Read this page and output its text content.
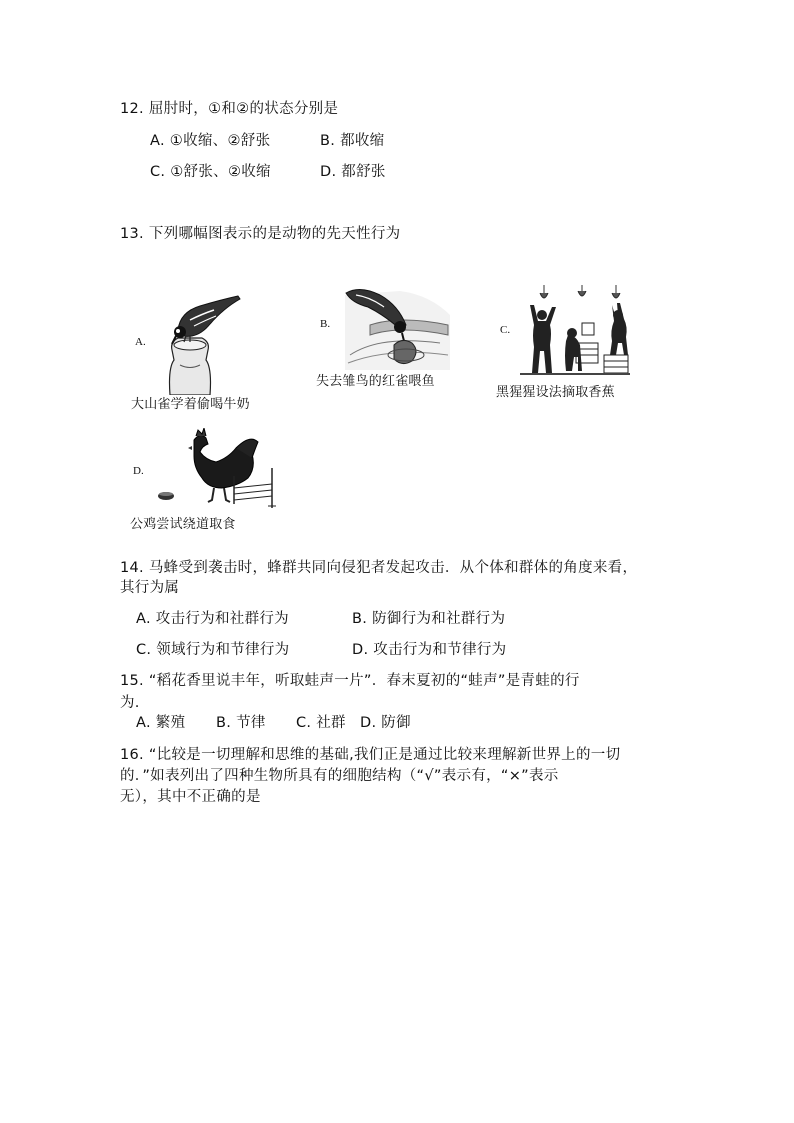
12. 屈肘时，①和②的状态分别是
A. ①收缩、②舒张	B. 都收缩
C. ①舒张、②收缩	D. 都舒张
13. 下列哪幅图表示的是动物的先天性行为
A.
大山雀学着偷喝牛奶
B.
失去雏鸟的红雀喂鱼
C.
黑猩猩设法摘取香蕉
D.
公鸡尝试绕道取食
14. 马蜂受到袭击时，蜂群共同向侵犯者发起攻击．从个体和群体的角度来看，
其行为属
A. 攻击行为和社群行为	B. 防御行为和社群行为
C. 领域行为和节律行为	D. 攻击行为和节律行为
15. “稻花香里说丰年，听取蛙声一片”．春末夏初的“蛙声”是青蛙的行
为.
A. 繁殖 B. 节律 C. 社群 D. 防御
16. “比较是一切理解和思维的基础,我们正是通过比较来理解新世界上的一切
的．”如表列出了四种生物所具有的细胞结构（“√”表示有，“×”表示
无），其中不正确的是
